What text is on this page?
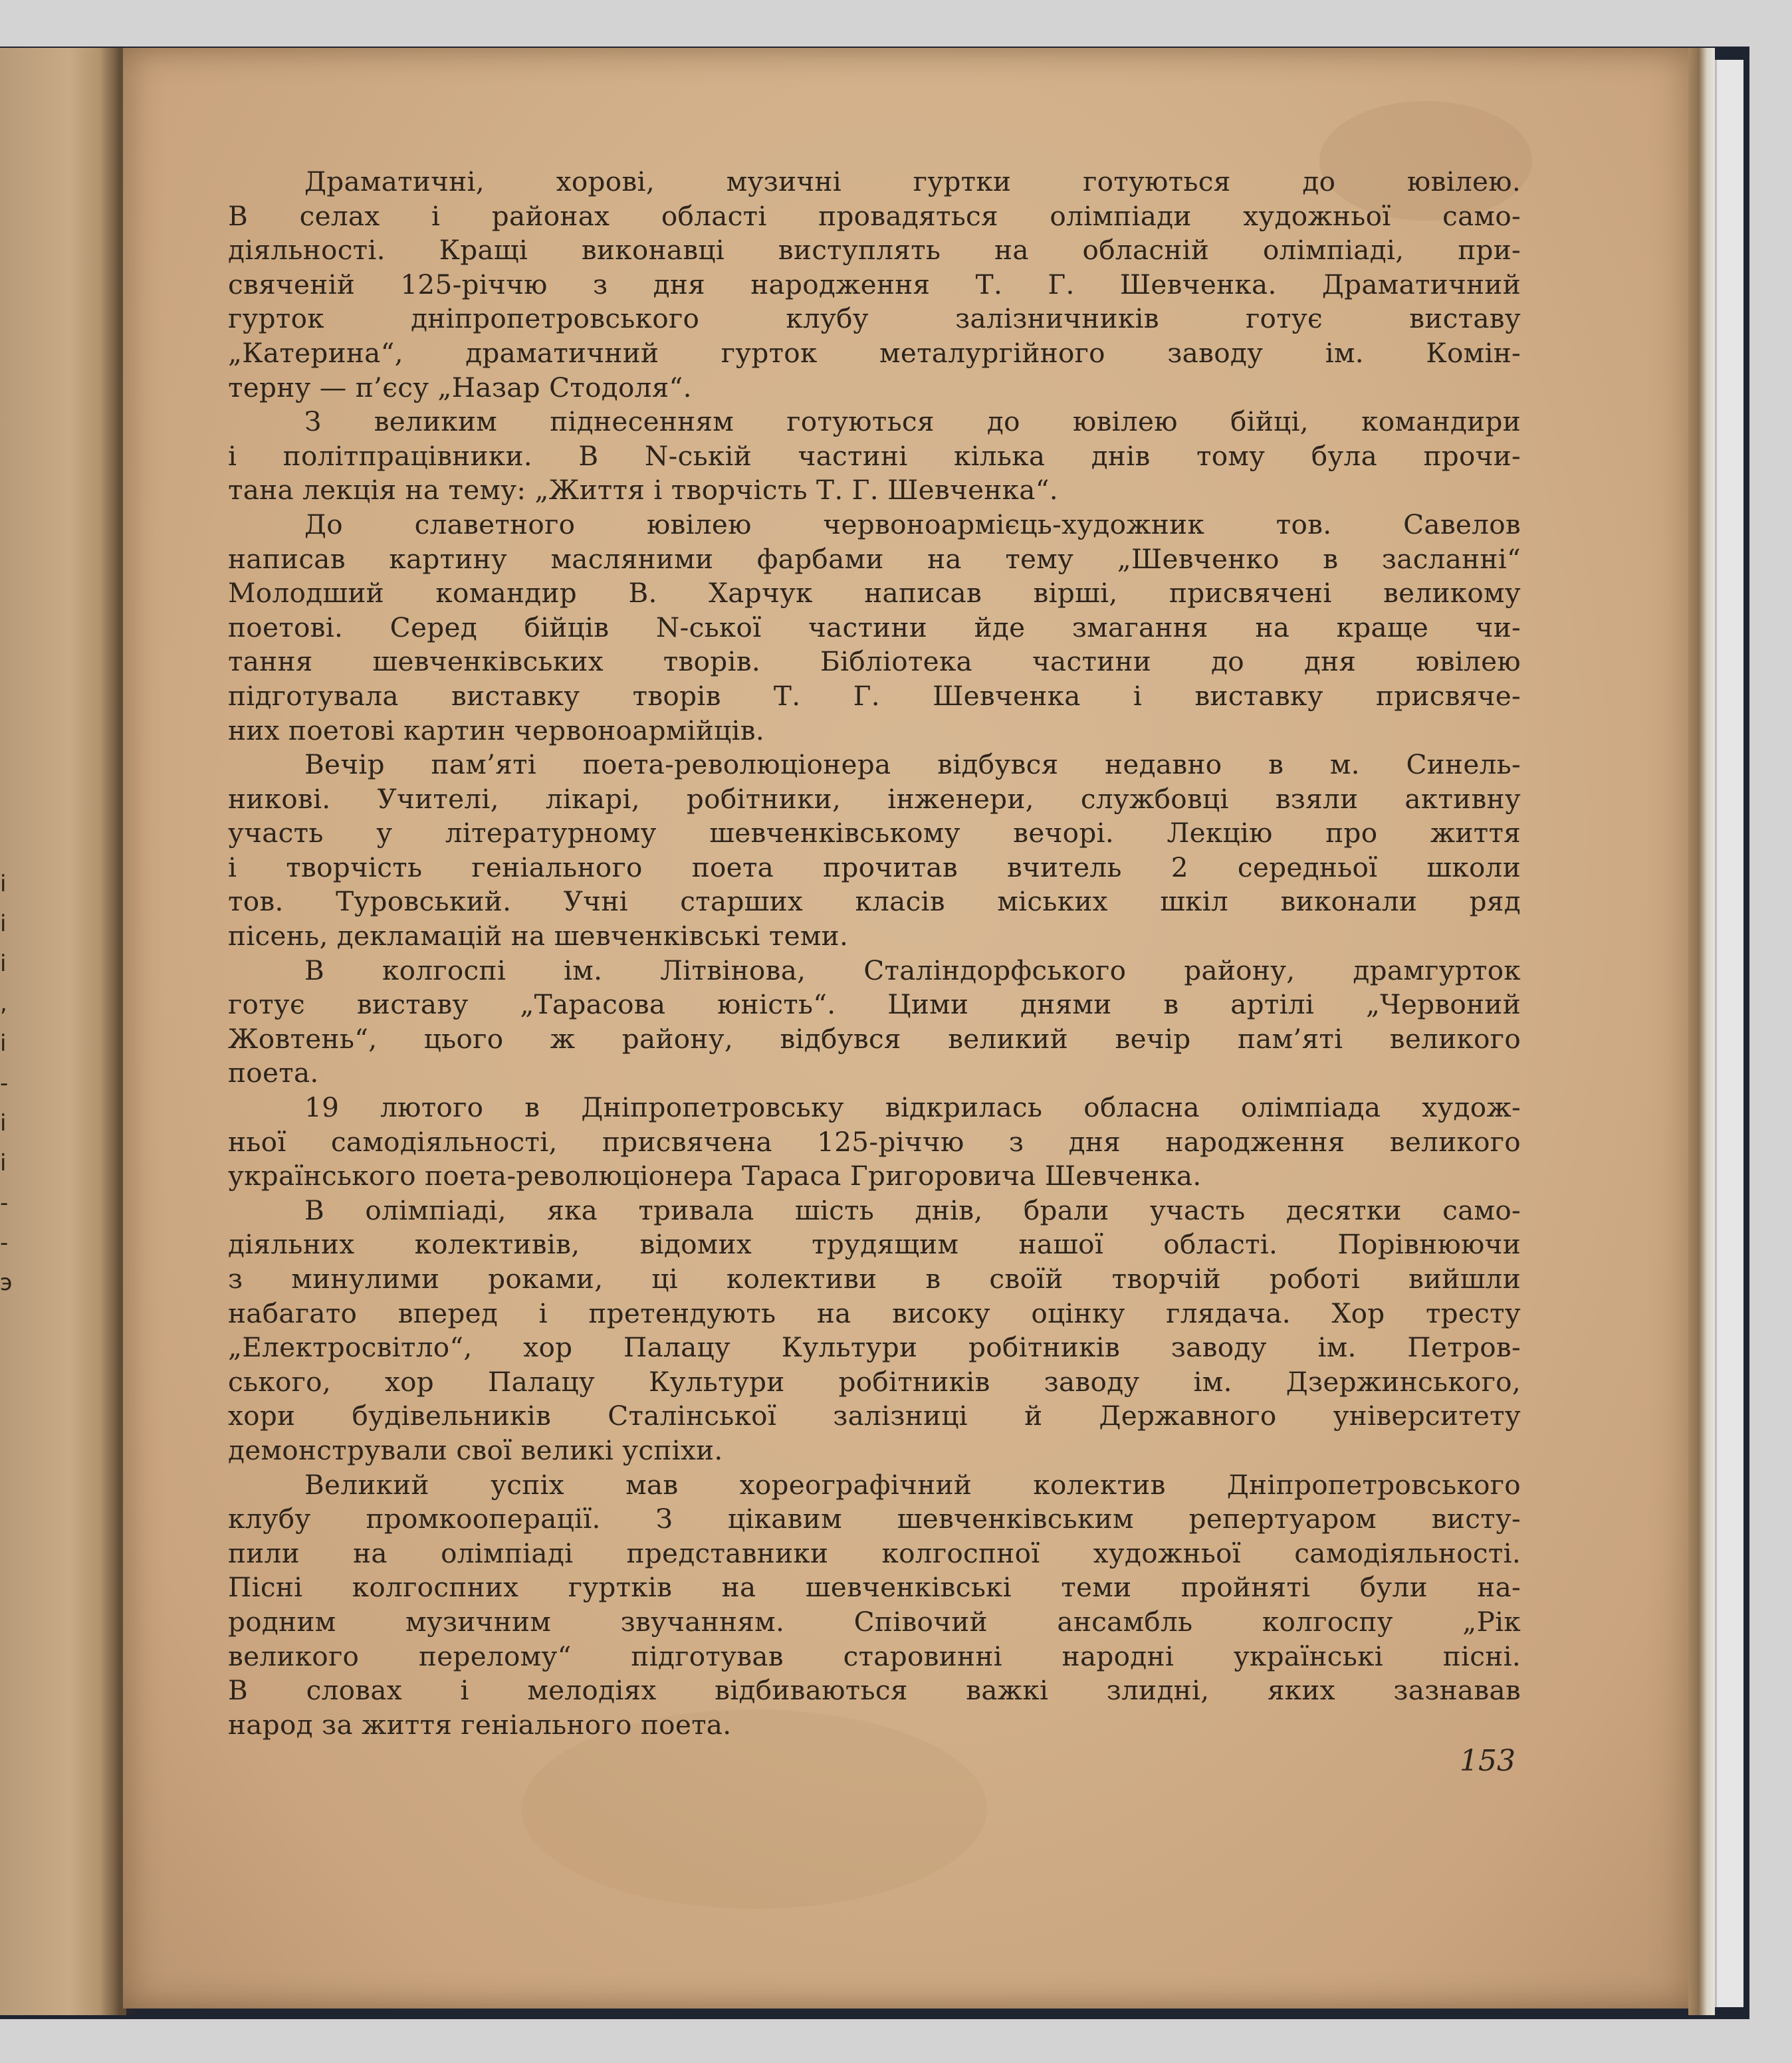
і
і
і
,
і
-
і
і
-
-
э
Драматичні, хорові, музичні гуртки готуються до ювілею.
В селах і районах області провадяться олімпіади художньої само-
діяльності. Кращі виконавці виступлять на обласній олімпіаді, при-
свяченій 125-річчю з дня народження Т. Г. Шевченка. Драматичний
гурток дніпропетровського клубу залізничників готує виставу
„Катерина“, драматичний гурток металургійного заводу ім. Комін-
терну — п’єсу „Назар Стодоля“.
З великим піднесенням готуються до ювілею бійці, командири
і політпрацівники. В N-ській частині кілька днів тому була прочи-
тана лекція на тему: „Життя і творчість Т. Г. Шевченка“.
До славетного ювілею червоноармієць-художник тов. Савелов
написав картину масляними фарбами на тему „Шевченко в засланні“
Молодший командир В. Харчук написав вірші, присвячені великому
поетові. Серед бійців N-ської частини йде змагання на краще чи-
тання шевченківських творів. Бібліотека частини до дня ювілею
підготувала виставку творів Т. Г. Шевченка і виставку присвяче-
них поетові картин червоноармійців.
Вечір пам’яті поета-революціонера відбувся недавно в м. Синель-
никові. Учителі, лікарі, робітники, інженери, службовці взяли активну
участь у літературному шевченківському вечорі. Лекцію про життя
і творчість геніального поета прочитав вчитель 2 середньої школи
тов. Туровський. Учні старших класів міських шкіл виконали ряд
пісень, декламацій на шевченківські теми.
В колгоспі ім. Літвінова, Сталіндорфського району, драмгурток
готує виставу „Тарасова юність“. Цими днями в артілі „Червоний
Жовтень“, цього ж району, відбувся великий вечір пам’яті великого
поета.
19 лютого в Дніпропетровську відкрилась обласна олімпіада худож-
ньої самодіяльності, присвячена 125-річчю з дня народження великого
українського поета-революціонера Тараса Григоровича Шевченка.
В олімпіаді, яка тривала шість днів, брали участь десятки само-
діяльних колективів, відомих трудящим нашої області. Порівнюючи
з минулими роками, ці колективи в своїй творчій роботі вийшли
набагато вперед і претендують на високу оцінку глядача. Хор тресту
„Електросвітло“, хор Палацу Культури робітників заводу ім. Петров-
ського, хор Палацу Культури робітників заводу ім. Дзержинського,
хори будівельників Сталінської залізниці й Державного університету
демонстрували свої великі успіхи.
Великий успіх мав хореографічний колектив Дніпропетровського
клубу промкооперації. З цікавим шевченківським репертуаром висту-
пили на олімпіаді представники колгоспної художньої самодіяльності.
Пісні колгоспних гуртків на шевченківські теми пройняті були на-
родним музичним звучанням. Співочий ансамбль колгоспу „Рік
великого перелому“ підготував старовинні народні українські пісні.
В словах і мелодіях відбиваються важкі злидні, яких зазнавав
народ за життя геніального поета.
153
